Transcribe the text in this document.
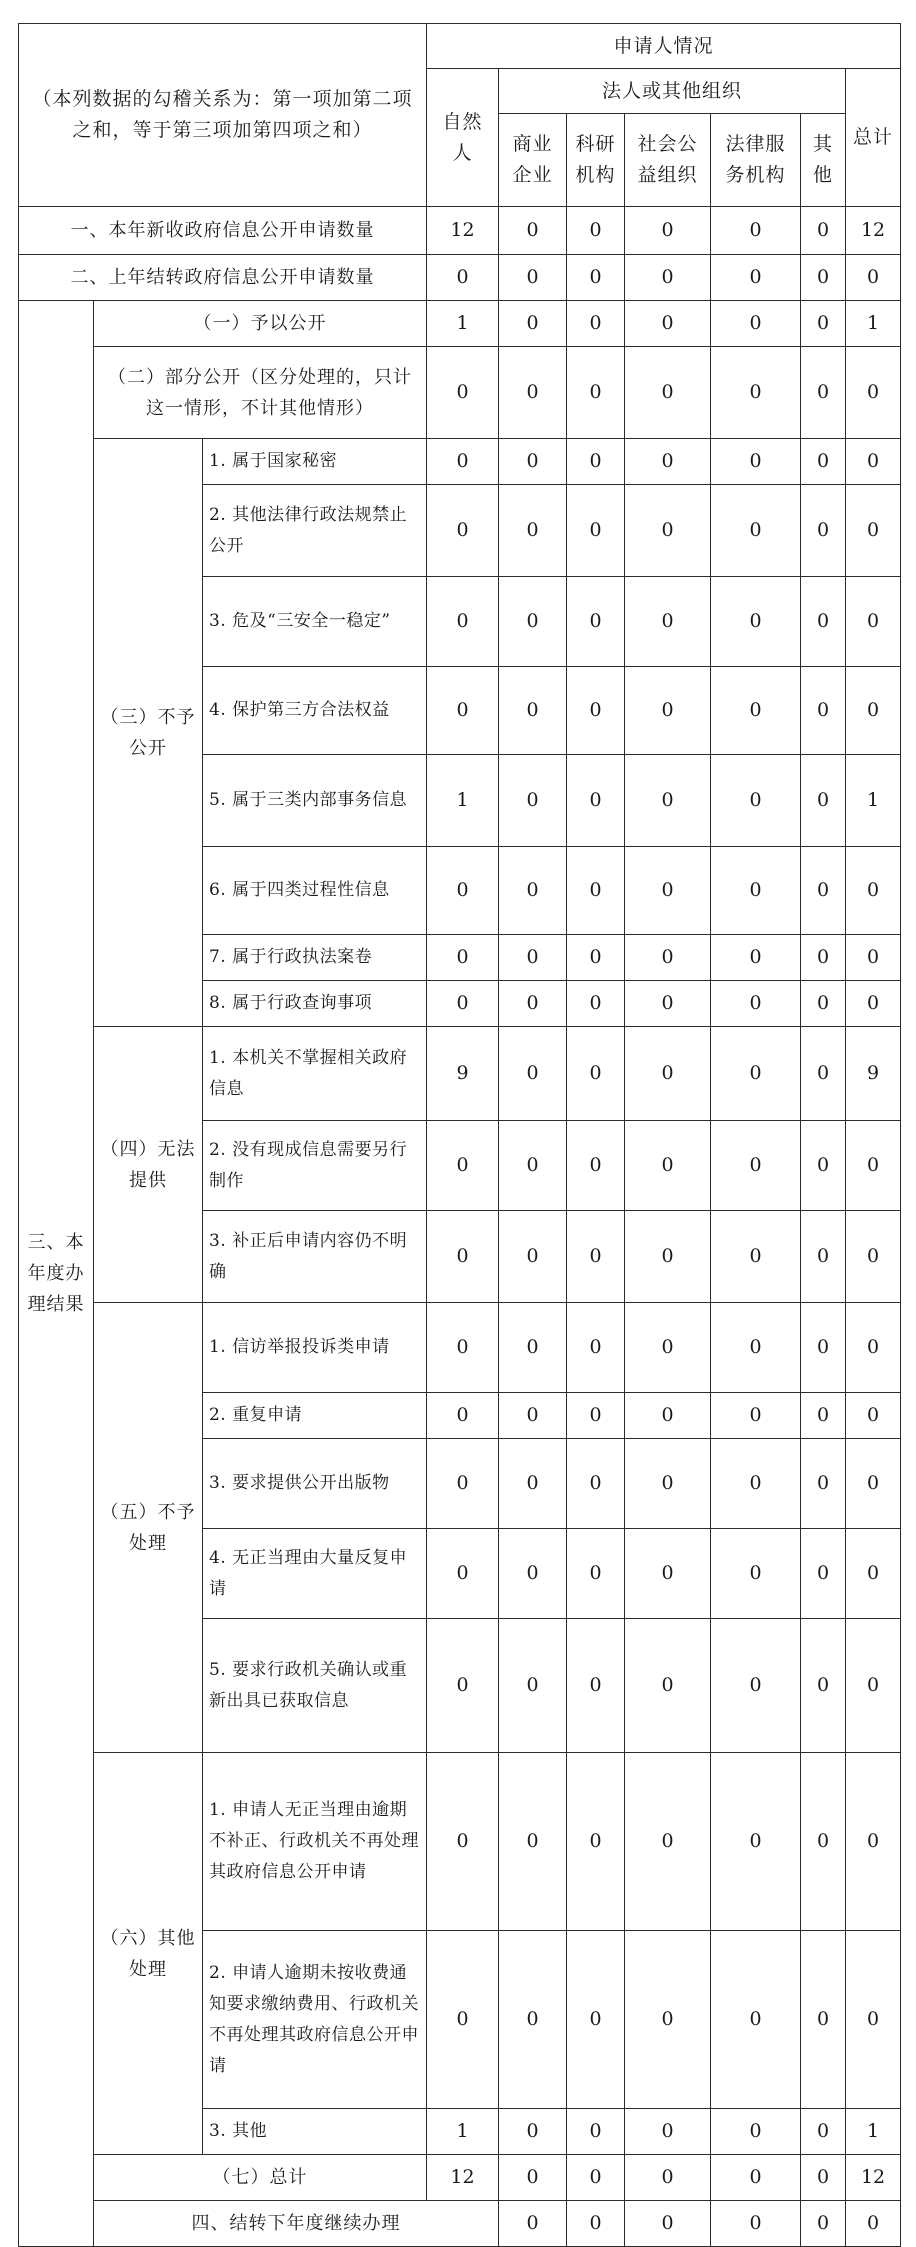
（本列数据的勾稽关系为：第一项加第二项之和，等于第三项加第四项之和）			申请人情况							
			自然人	法人或其他组织					总计	
				商业企业	科研机构	社会公益组织	法律服务机构	其他		
一、本年新收政府信息公开申请数量			12	0	0	0	0	0	12	
二、上年结转政府信息公开申请数量			0	0	0	0	0	0	0	
三、本年度办理结果	（一）予以公开		1	0	0	0	0	0	1	
	（二）部分公开（区分处理的，只计这一情形，不计其他情形）		0	0	0	0	0	0	0	
	（三）不予公开	1. 属于国家秘密	0	0	0	0	0	0	0	
		2. 其他法律行政法规禁止公开	0	0	0	0	0	0	0	
		3. 危及“三安全一稳定”	0	0	0	0	0	0	0	
		4. 保护第三方合法权益	0	0	0	0	0	0	0	
		5. 属于三类内部事务信息	1	0	0	0	0	0	1	
		6. 属于四类过程性信息	0	0	0	0	0	0	0	
		7. 属于行政执法案卷	0	0	0	0	0	0	0	
		8. 属于行政查询事项	0	0	0	0	0	0	0	
	（四）无法提供	1. 本机关不掌握相关政府信息	9	0	0	0	0	0	9	
		2. 没有现成信息需要另行制作	0	0	0	0	0	0	0	
		3. 补正后申请内容仍不明确	0	0	0	0	0	0	0	
	（五）不予处理	1. 信访举报投诉类申请	0	0	0	0	0	0	0	
		2. 重复申请	0	0	0	0	0	0	0	
		3. 要求提供公开出版物	0	0	0	0	0	0	0	
		4. 无正当理由大量反复申请	0	0	0	0	0	0	0	
		5. 要求行政机关确认或重新出具已获取信息	0	0	0	0	0	0	0	
	（六）其他处理	1. 申请人无正当理由逾期不补正、行政机关不再处理其政府信息公开申请	0	0	0	0	0	0	0	
		2. 申请人逾期未按收费通知要求缴纳费用、行政机关不再处理其政府信息公开申请	0	0	0	0	0	0	0	
		3. 其他	1	0	0	0	0	0	1	
	（七）总计		12	0	0	0	0	0	12	
	四、结转下年度继续办理			0	0	0	0	0	0	
